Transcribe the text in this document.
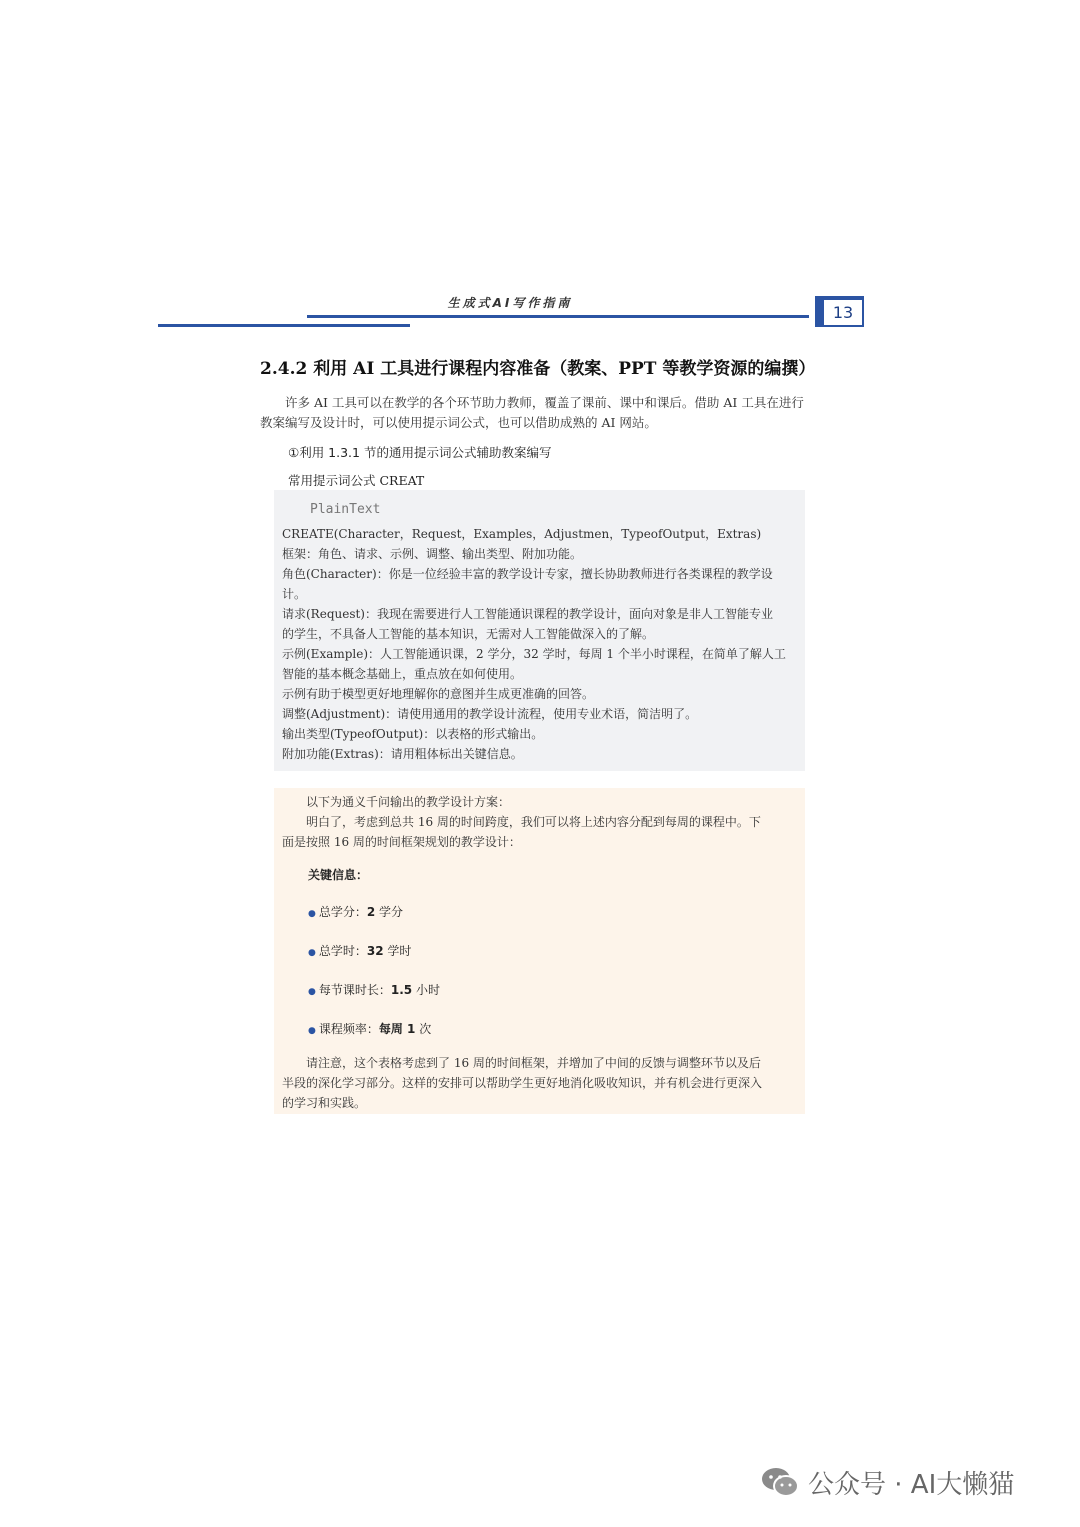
生成式AI写作指南	13
2.4.2 利用 AI 工具进行课程内容准备（教案、PPT 等教学资源的编撰）
许多 AI 工具可以在教学的各个环节助力教师，覆盖了课前、课中和课后。借助 AI 工具在进行
教案编写及设计时，可以使用提示词公式，也可以借助成熟的 AI 网站。
①利用 1.3.1 节的通用提示词公式辅助教案编写
常用提示词公式 CREAT
PlainText
CREATE(Character，Request，Examples，Adjustmen，TypeofOutput，Extras)
框架：角色、请求、示例、调整、输出类型、附加功能。
角色(Character)：你是一位经验丰富的教学设计专家，擅长协助教师进行各类课程的教学设
计。
请求(Request)：我现在需要进行人工智能通识课程的教学设计，面向对象是非人工智能专业
的学生，不具备人工智能的基本知识，无需对人工智能做深入的了解。
示例(Example)：人工智能通识课，2 学分，32 学时，每周 1 个半小时课程，在简单了解人工
智能的基本概念基础上，重点放在如何使用。
示例有助于模型更好地理解你的意图并生成更准确的回答。
调整(Adjustment)：请使用通用的教学设计流程，使用专业术语，简洁明了。
输出类型(TypeofOutput)：以表格的形式输出。
附加功能(Extras)：请用粗体标出关键信息。
以下为通义千问输出的教学设计方案：
明白了，考虑到总共 16 周的时间跨度，我们可以将上述内容分配到每周的课程中。下
面是按照 16 周的时间框架规划的教学设计：
关键信息：
● 总学分：2 学分
● 总学时：32 学时
● 每节课时长：1.5 小时
● 课程频率：每周 1 次
请注意，这个表格考虑到了 16 周的时间框架，并增加了中间的反馈与调整环节以及后
半段的深化学习部分。这样的安排可以帮助学生更好地消化吸收知识，并有机会进行更深入
的学习和实践。
公众号 · AI大懒猫
